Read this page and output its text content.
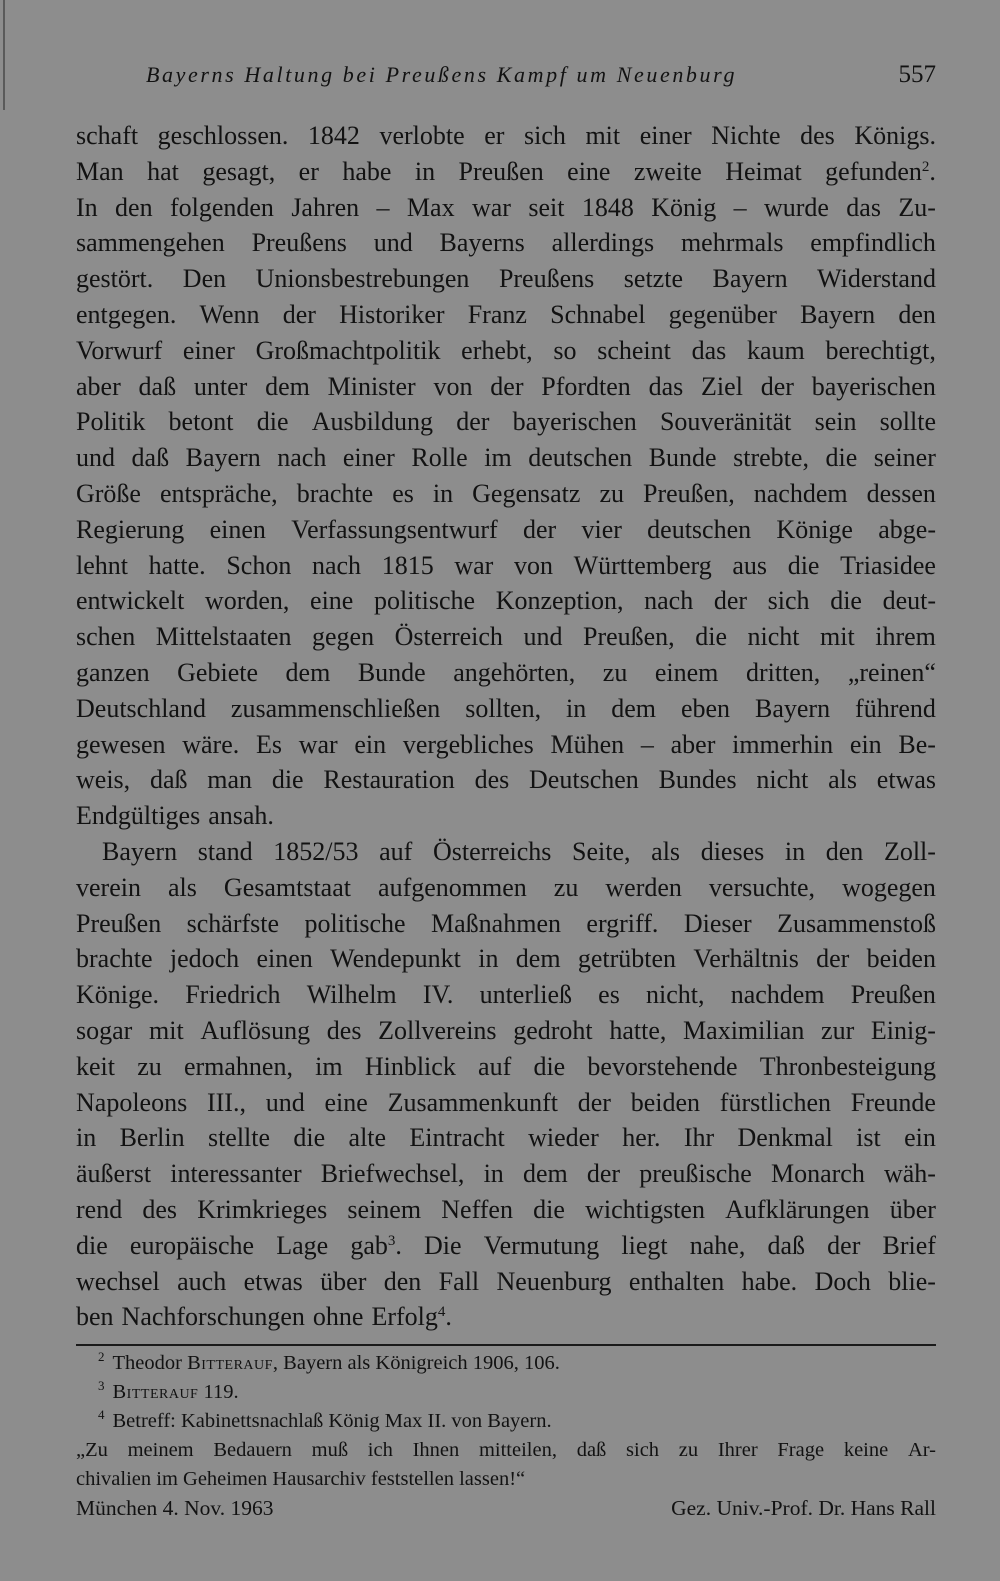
Bayerns Haltung bei Preußens Kampf um Neuenburg	557
schaft geschlossen. 1842 verlobte er sich mit einer Nichte des Königs.
Man hat gesagt, er habe in Preußen eine zweite Heimat gefunden$^2$.
In den folgenden Jahren – Max war seit 1848 König – wurde das Zu-
sammengehen Preußens und Bayerns allerdings mehrmals empfindlich
gestört. Den Unionsbestrebungen Preußens setzte Bayern Widerstand
entgegen. Wenn der Historiker Franz Schnabel gegenüber Bayern den
Vorwurf einer Großmachtpolitik erhebt, so scheint das kaum berechtigt,
aber daß unter dem Minister von der Pfordten das Ziel der bayerischen
Politik betont die Ausbildung der bayerischen Souveränität sein sollte
und daß Bayern nach einer Rolle im deutschen Bunde strebte, die seiner
Größe entspräche, brachte es in Gegensatz zu Preußen, nachdem dessen
Regierung einen Verfassungsentwurf der vier deutschen Könige abge-
lehnt hatte. Schon nach 1815 war von Württemberg aus die Triasidee
entwickelt worden, eine politische Konzeption, nach der sich die deut-
schen Mittelstaaten gegen Österreich und Preußen, die nicht mit ihrem
ganzen Gebiete dem Bunde angehörten, zu einem dritten, „reinen“
Deutschland zusammenschließen sollten, in dem eben Bayern führend
gewesen wäre. Es war ein vergebliches Mühen – aber immerhin ein Be-
weis, daß man die Restauration des Deutschen Bundes nicht als etwas
Endgültiges ansah.
Bayern stand 1852/53 auf Österreichs Seite, als dieses in den Zoll-
verein als Gesamtstaat aufgenommen zu werden versuchte, wogegen
Preußen schärfste politische Maßnahmen ergriff. Dieser Zusammenstoß
brachte jedoch einen Wendepunkt in dem getrübten Verhältnis der beiden
Könige. Friedrich Wilhelm IV. unterließ es nicht, nachdem Preußen
sogar mit Auflösung des Zollvereins gedroht hatte, Maximilian zur Einig-
keit zu ermahnen, im Hinblick auf die bevorstehende Thronbesteigung
Napoleons III., und eine Zusammenkunft der beiden fürstlichen Freunde
in Berlin stellte die alte Eintracht wieder her. Ihr Denkmal ist ein
äußerst interessanter Briefwechsel, in dem der preußische Monarch wäh-
rend des Krimkrieges seinem Neffen die wichtigsten Aufklärungen über
die europäische Lage gab$^3$. Die Vermutung liegt nahe, daß der Brief
wechsel auch etwas über den Fall Neuenburg enthalten habe. Doch blie-
ben Nachforschungen ohne Erfolg$^4$.
2 Theodor Bitterauf , Bayern als Königreich 1906, 106.
3 Bitterauf 119.
4 Betreff: Kabinettsnachlaß König Max II. von Bayern.
„Zu meinem Bedauern muß ich Ihnen mitteilen, daß sich zu Ihrer Frage keine Ar-
chivalien im Geheimen Hausarchiv feststellen lassen!“
München 4. Nov. 1963	Gez. Univ.-Prof. Dr. Hans Rall
